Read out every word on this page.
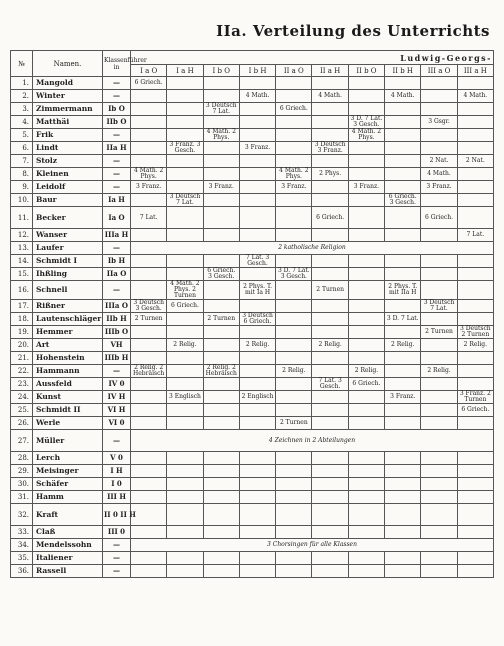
IIa. Verteilung des Unterrichts
№	Namen.	Klassenführer in	Ludwig-Georgs-									
			I a O	I a H	I b O	I b H	II a O	II a H	II b O	II b H	III a O	III a H
1.	Mangold	—	6 Griech.									
2.	Winter	—				4 Math.		4 Math.		4 Math.		4 Math.
3.	Zimmermann	Ib O			3 Deutsch 7 Lat.		6 Griech.					
4.	Matthäi	IIb O							3 D. 7 Lat. 3 Gesch.		3 Gsgr.	
5.	Frik	—			4 Math. 2 Phys.				4 Math. 2 Phys.			
6.	Lindt	IIa H		3 Franz. 3 Gesch.		3 Franz.		3 Deutsch 3 Franz.				
7.	Stolz	—									2 Nat.	2 Nat.
8.	Kleinen	—	4 Math. 2 Phys.				4 Math. 2 Phys.	2 Phys.			4 Math.	
9.	Leidolf	—	3 Franz.		3 Franz.		3 Franz.		3 Franz.		3 Franz.	
10.	Baur	Ia H		3 Deutsch 7 Lat.						6 Griech. 3 Gesch.		
11.	Becker	Ia O	7 Lat.					6 Griech.			6 Griech.	
12.	Wanser	IIIa H										7 Lat.
13.	Laufer	—	2 katholische Religion									
14.	Schmidt I	Ib H				7 Lat. 3 Gesch.						
15.	Ihßling	IIa O			6 Griech. 3 Gesch.		3 D. 7 Lat. 3 Gesch.					
16.	Schnell	—		4 Math. 2 Phys. 2 Turnen		2 Phys. T. mit Ia H		2 Turnen		2 Phys. T. mit IIa H		
17.	Rißner	IIIa O	3 Deutsch 3 Gesch.	6 Griech.							3 Deutsch 7 Lat.	
18.	Lautenschläger	IIb H	2 Turnen		2 Turnen	3 Deutsch 6 Griech.				3 D. 7 Lat.		
19.	Hemmer	IIIb O									2 Turnen	3 Deutsch 2 Turnen
20.	Art	VH		2 Relig.		2 Relig.		2 Relig.		2 Relig.		2 Relig.
21.	Hohenstein	IIIb H										
22.	Hammann	—	2 Relig. 2 Hebräisch		2 Relig. 2 Hebräisch		2 Relig.		2 Relig.		2 Relig.	
23.	Aussfeld	IV 0						7 Lat. 3 Gesch.	6 Griech.			
24.	Kunst	IV H		3 Englisch		2 Englisch				3 Franz.		3 Franz. 2 Turnen
25.	Schmidt II	VI H										6 Griech.
26.	Werle	VI 0					2 Turnen					
27.	Müller	—	4 Zeichnen in 2 Abteilungen									
28.	Lerch	V 0										
29.	Meisinger	I H										
30.	Schäfer	I 0										
31.	Hamm	III H										
32.	Kraft	II 0 II H										
33.	Claß	III 0										
34.	Mendelssohn	—	3 Chorsingen für alle Klassen									
35.	Italiener	—										
36.	Rassell	—										
